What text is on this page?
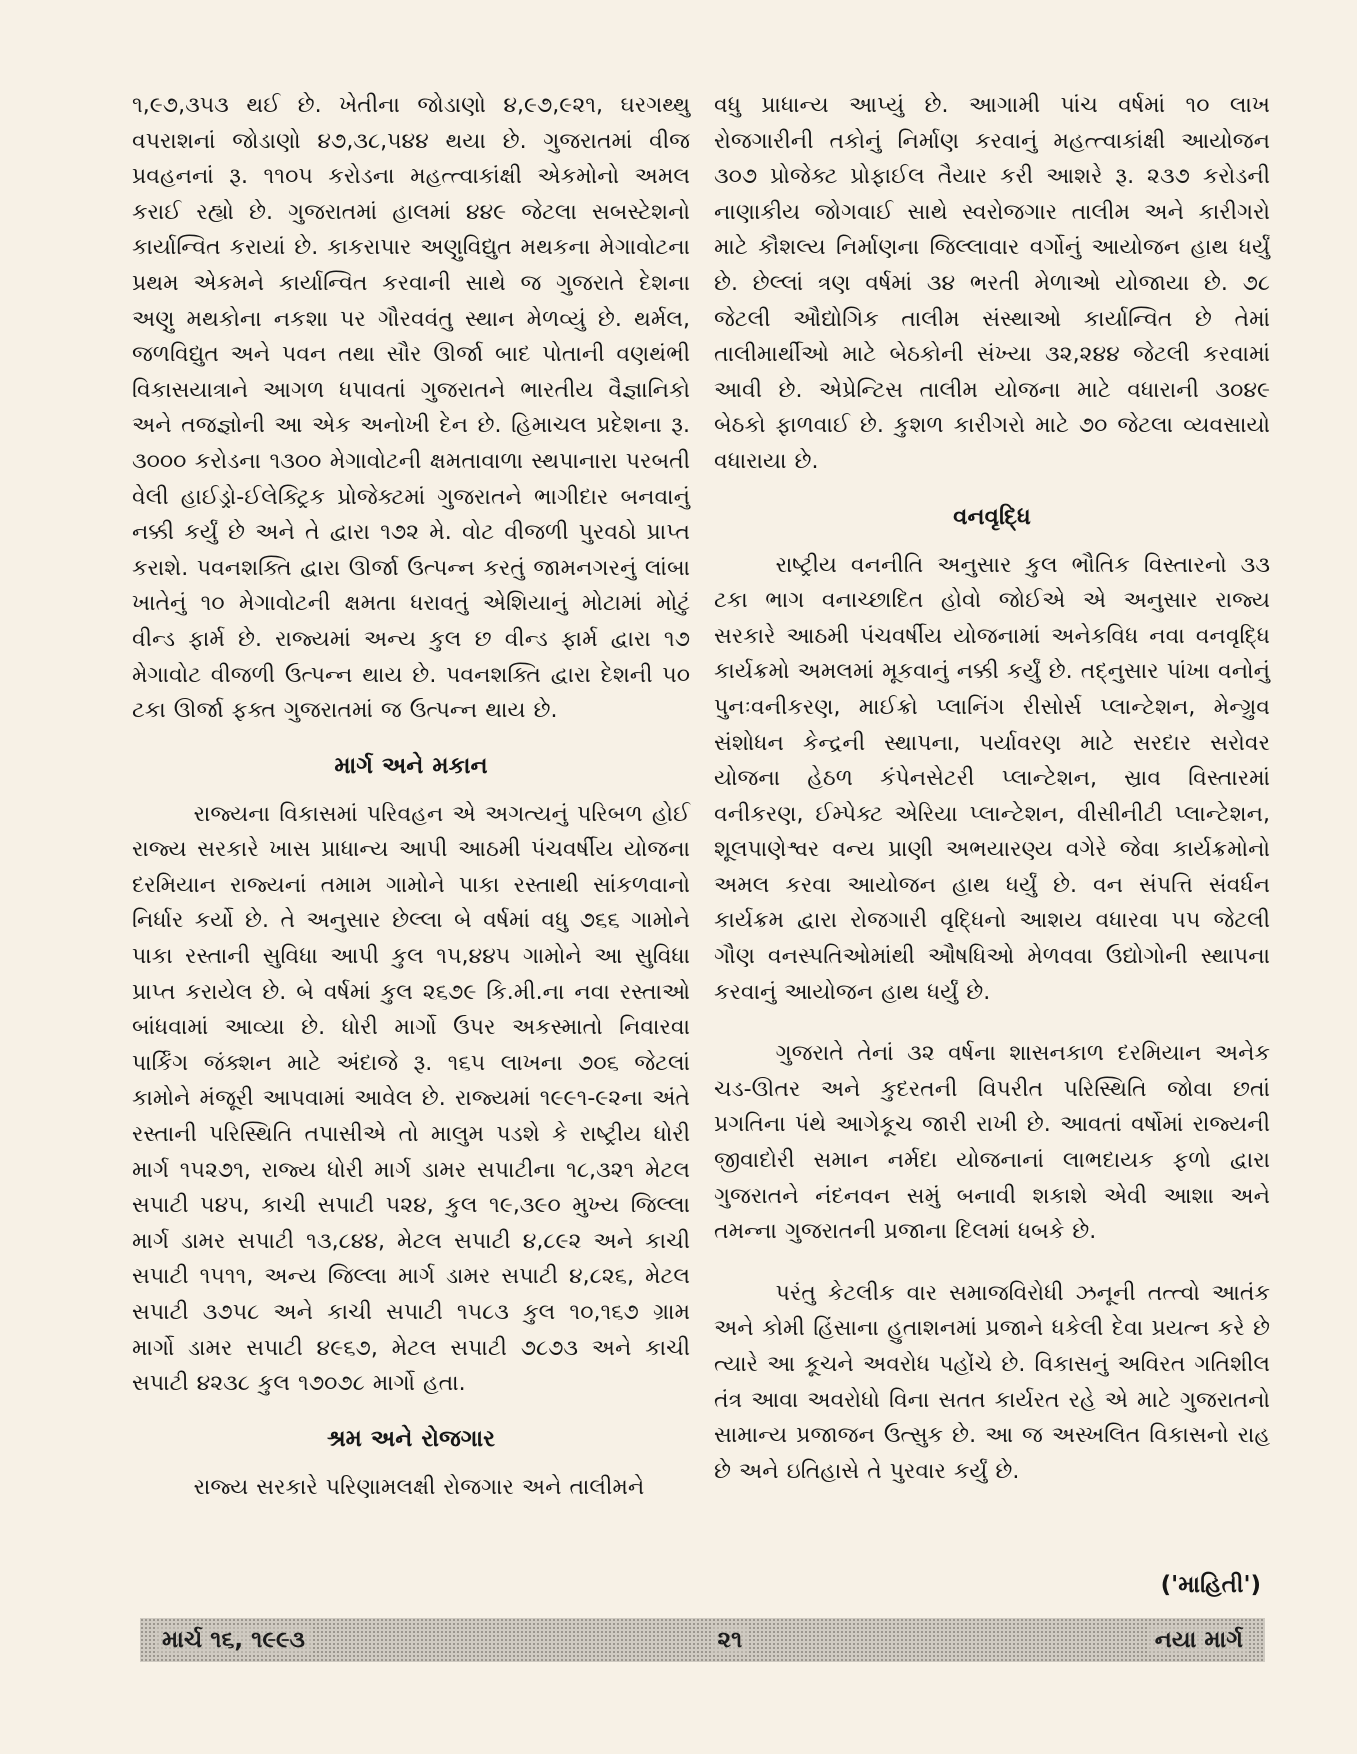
૧,૯૭,૩૫૩ થઈ છે. ખેતીના જોડાણો ૪,૯૭,૯૨૧, ઘરગથ્થુ વપરાશનાં જોડાણો ૪૭,૩૮,૫૪૪ થયા છે. ગુજરાતમાં વીજ પ્રવહનનાં રૂ. ૧૧૦૫ કરોડના મહત્ત્વાકાંક્ષી એકમોનો અમલ કરાઈ રહ્યો છે. ગુજરાતમાં હાલમાં ૪૪૯ જેટલા સબસ્ટેશનો કાર્યાન્વિત કરાયાં છે. કાકરાપાર અણુવિદ્યુત મથકના મેગાવોટના પ્રથમ એકમને કાર્યાન્વિત કરવાની સાથે જ ગુજરાતે દેશના અણુ મથકોના નકશા પર ગૌરવવંતુ સ્થાન મેળવ્યું છે. થર્મલ, જળવિદ્યુત અને પવન તથા સૌર ઊર્જા બાદ પોતાની વણથંભી વિકાસયાત્રાને આગળ ધપાવતાં ગુજરાતને ભારતીય વૈજ્ઞાનિકો અને તજજ્ઞોની આ એક અનોખી દેન છે. હિમાચલ પ્રદેશના રૂ. ૩૦૦૦ કરોડના ૧૩૦૦ મેગાવોટની ક્ષમતાવાળા સ્થપાનારા પરબતી વેલી હાઈડ્રો-ઈલેક્ટ્રિક પ્રોજેક્ટમાં ગુજરાતને ભાગીદાર બનવાનું નક્કી કર્યું છે અને તે દ્વારા ૧૭૨ મે. વોટ વીજળી પુરવઠો પ્રાપ્ત કરાશે. પવનશક્તિ દ્વારા ઊર્જા ઉત્પન્ન કરતું જામનગરનું લાંબા ખાતેનું ૧૦ મેગાવોટની ક્ષમતા ધરાવતું એશિયાનું મોટામાં મોટું વીન્ડ ફાર્મ છે. રાજ્યમાં અન્ય કુલ છ વીન્ડ ફાર્મ દ્વારા ૧૭ મેગાવોટ વીજળી ઉત્પન્ન થાય છે. પવનશક્તિ દ્વારા દેશની ૫૦ ટકા ઊર્જા ફક્ત ગુજરાતમાં જ ઉત્પન્ન થાય છે.

માર્ગ અને મકાન

રાજ્યના વિકાસમાં પરિવહન એ અગત્યનું પરિબળ હોઈ રાજ્ય સરકારે ખાસ પ્રાધાન્ય આપી આઠમી પંચવર્ષીય યોજના દરમિયાન રાજ્યનાં તમામ ગામોને પાકા રસ્તાથી સાંકળવાનો નિર્ધાર કર્યો છે. તે અનુસાર છેલ્લા બે વર્ષમાં વધુ ૭૬૬ ગામોને પાકા રસ્તાની સુવિધા આપી કુલ ૧૫,૪૪૫ ગામોને આ સુવિધા પ્રાપ્ત કરાયેલ છે. બે વર્ષમાં કુલ ૨૬૭૯ કિ.મી.ના નવા રસ્તાઓ બાંધવામાં આવ્યા છે. ધોરી માર્ગો ઉપર અકસ્માતો નિવારવા પાર્કિંગ જંક્શન માટે અંદાજે રૂ. ૧૬૫ લાખના ૭૦૬ જેટલાં કામોને મંજૂરી આપવામાં આવેલ છે. રાજ્યમાં ૧૯૯૧-૯૨ના અંતે રસ્તાની પરિસ્થિતિ તપાસીએ તો માલુમ પડશે કે રાષ્ટ્રીય ધોરી માર્ગ ૧૫૨૭૧, રાજ્ય ધોરી માર્ગ ડામર સપાટીના ૧૮,૩૨૧ મેટલ સપાટી ૫૪૫, કાચી સપાટી ૫૨૪, કુલ ૧૯,૩૯૦ મુખ્ય જિલ્લા માર્ગ ડામર સપાટી ૧૩,૮૪૪, મેટલ સપાટી ૪,૮૯૨ અને કાચી સપાટી ૧૫૧૧, અન્ય જિલ્લા માર્ગ ડામર સપાટી ૪,૮૨૬, મેટલ સપાટી ૩૭૫૮ અને કાચી સપાટી ૧૫૮૩ કુલ ૧૦,૧૬૭ ગ્રામ માર્ગો ડામર સપાટી ૪૯૬૭, મેટલ સપાટી ૭૮૭૩ અને કાચી સપાટી ૪૨૩૮ કુલ ૧૭૦૭૮ માર્ગો હતા.

શ્રમ અને રોજગાર

રાજ્ય સરકારે પરિણામલક્ષી રોજગાર અને તાલીમને

વધુ પ્રાધાન્ય આપ્યું છે. આગામી પાંચ વર્ષમાં ૧૦ લાખ રોજગારીની તકોનું નિર્માણ કરવાનું મહત્ત્વાકાંક્ષી આયોજન ૩૦૭ પ્રોજેક્ટ પ્રોફાઈલ તૈયાર કરી આશરે રૂ. ૨૩૭ કરોડની નાણાકીય જોગવાઈ સાથે સ્વરોજગાર તાલીમ અને કારીગરો માટે કૌશલ્ય નિર્માણના જિલ્લાવાર વર્ગોનું આયોજન હાથ ધર્યું છે. છેલ્લાં ત્રણ વર્ષમાં ૩૪ ભરતી મેળાઓ યોજાયા છે. ૭૮ જેટલી ઔદ્યોગિક તાલીમ સંસ્થાઓ કાર્યાન્વિત છે તેમાં તાલીમાર્થીઓ માટે બેઠકોની સંખ્યા ૩૨,૨૪૪ જેટલી કરવામાં આવી છે. એપ્રેન્ટિસ તાલીમ યોજના માટે વધારાની ૩૦૪૯ બેઠકો ફાળવાઈ છે. કુશળ કારીગરો માટે ૭૦ જેટલા વ્યવસાયો વધારાયા છે.

વનવૃદ્ધિ

રાષ્ટ્રીય વનનીતિ અનુસાર કુલ ભૌતિક વિસ્તારનો ૩૩ ટકા ભાગ વનાચ્છાદિત હોવો જોઈએ એ અનુસાર રાજ્ય સરકારે આઠમી પંચવર્ષીય યોજનામાં અનેકવિધ નવા વનવૃદ્ધિ કાર્યક્રમો અમલમાં મૂકવાનું નક્કી કર્યું છે. તદ્નુસાર પાંખા વનોનું પુનઃવનીકરણ, માઈક્રો પ્લાનિંગ રીસોર્સ પ્લાન્ટેશન, મેન્ગ્રુવ સંશોધન કેન્દ્રની સ્થાપના, પર્યાવરણ માટે સરદાર સરોવર યોજના હેઠળ કંપેનસેટરી પ્લાન્ટેશન, સ્રાવ વિસ્તારમાં વનીકરણ, ઈમ્પેક્ટ એરિયા પ્લાન્ટેશન, વીસીનીટી પ્લાન્ટેશન, શૂલપાણેશ્વર વન્ય પ્રાણી અભયારણ્ય વગેરે જેવા કાર્યક્રમોનો અમલ કરવા આયોજન હાથ ધર્યું છે. વન સંપત્તિ સંવર્ધન કાર્યક્રમ દ્વારા રોજગારી વૃદ્ધિનો આશય વધારવા ૫૫ જેટલી ગૌણ વનસ્પતિઓમાંથી ઔષધિઓ મેળવવા ઉદ્યોગોની સ્થાપના કરવાનું આયોજન હાથ ધર્યું છે.

ગુજરાતે તેનાં ૩૨ વર્ષના શાસનકાળ દરમિયાન અનેક ચડ-ઊતર અને કુદરતની વિપરીત પરિસ્થિતિ જોવા છતાં પ્રગતિના પંથે આગેકૂચ જારી રાખી છે. આવતાં વર્ષોમાં રાજ્યની જીવાદોરી સમાન નર્મદા યોજનાનાં લાભદાયક ફળો દ્વારા ગુજરાતને નંદનવન સમું બનાવી શકાશે એવી આશા અને તમન્ના ગુજરાતની પ્રજાના દિલમાં ધબકે છે.

પરંતુ કેટલીક વાર સમાજવિરોધી ઝનૂની તત્ત્વો આતંક અને કોમી હિંસાના હુતાશનમાં પ્રજાને ધકેલી દેવા પ્રયત્ન કરે છે ત્યારે આ કૂચને અવરોધ પહોંચે છે. વિકાસનું અવિરત ગતિશીલ તંત્ર આવા અવરોધો વિના સતત કાર્યરત રહે એ માટે ગુજરાતનો સામાન્ય પ્રજાજન ઉત્સુક છે. આ જ અસ્ખલિત વિકાસનો રાહ છે અને ઇતિહાસે તે પુરવાર કર્યું છે.

('માહિતી')
માર્ચ ૧૬, ૧૯૯૩	૨૧	નયા માર્ગ
